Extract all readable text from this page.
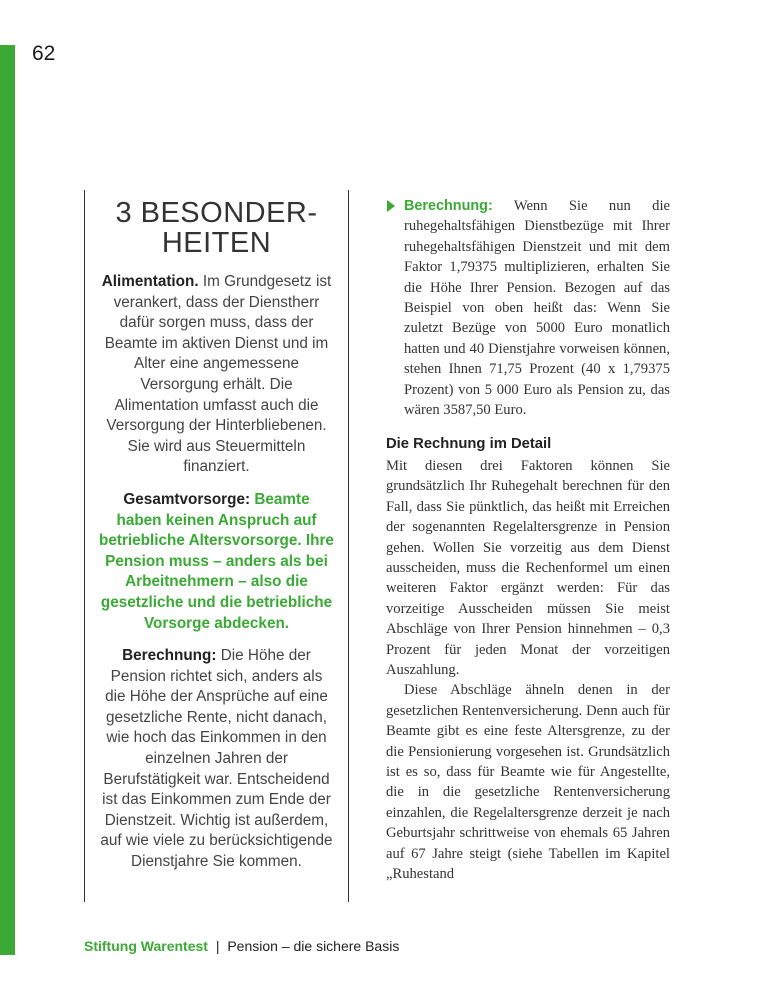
62
3 BESONDER-
HEITEN

Alimentation. Im Grundgesetz ist verankert, dass der Dienstherr dafür sorgen muss, dass der Beamte im aktiven Dienst und im Alter eine angemessene Versorgung erhält. Die Alimentation umfasst auch die Versorgung der Hinterbliebenen. Sie wird aus Steuermitteln finanziert.

Gesamtvorsorge: Beamte haben keinen Anspruch auf betriebliche Altersvorsorge. Ihre Pension muss – anders als bei Arbeitnehmern – also die gesetzliche und die betriebliche Vorsorge abdecken.

Berechnung: Die Höhe der Pension richtet sich, anders als die Höhe der Ansprüche auf eine gesetzliche Rente, nicht danach, wie hoch das Einkommen in den einzelnen Jahren der Berufstätigkeit war. Entscheidend ist das Einkommen zum Ende der Dienstzeit. Wichtig ist außerdem, auf wie viele zu berücksichtigende Dienstjahre Sie kommen.

Berechnung: Wenn Sie nun die ruhegehaltsfähigen Dienstbezüge mit Ihrer ruhegehaltsfähigen Dienstzeit und mit dem Faktor 1,79375 multiplizieren, erhalten Sie die Höhe Ihrer Pension. Bezogen auf das Beispiel von oben heißt das: Wenn Sie zuletzt Bezüge von 5000 Euro monatlich hatten und 40 Dienstjahre vorweisen können, stehen Ihnen 71,75 Prozent (40 x 1,79375 Prozent) von 5 000 Euro als Pension zu, das wären 3587,50 Euro.

Die Rechnung im Detail

Mit diesen drei Faktoren können Sie grundsätzlich Ihr Ruhegehalt berechnen für den Fall, dass Sie pünktlich, das heißt mit Erreichen der sogenannten Regelaltersgrenze in Pension gehen. Wollen Sie vorzeitig aus dem Dienst ausscheiden, muss die Rechenformel um einen weiteren Faktor ergänzt werden: Für das vorzeitige Ausscheiden müssen Sie meist Abschläge von Ihrer Pension hinnehmen – 0,3 Prozent für jeden Monat der vorzeitigen Auszahlung.

Diese Abschläge ähneln denen in der gesetzlichen Rentenversicherung. Denn auch für Beamte gibt es eine feste Altersgrenze, zu der die Pensionierung vorgesehen ist. Grundsätzlich ist es so, dass für Beamte wie für Angestellte, die in die gesetzliche Rentenversicherung einzahlen, die Regelaltersgrenze derzeit je nach Geburtsjahr schrittweise von ehemals 65 Jahren auf 67 Jahre steigt (siehe Tabellen im Kapitel „Ruhestand

Stiftung Warentest | Pension – die sichere Basis
